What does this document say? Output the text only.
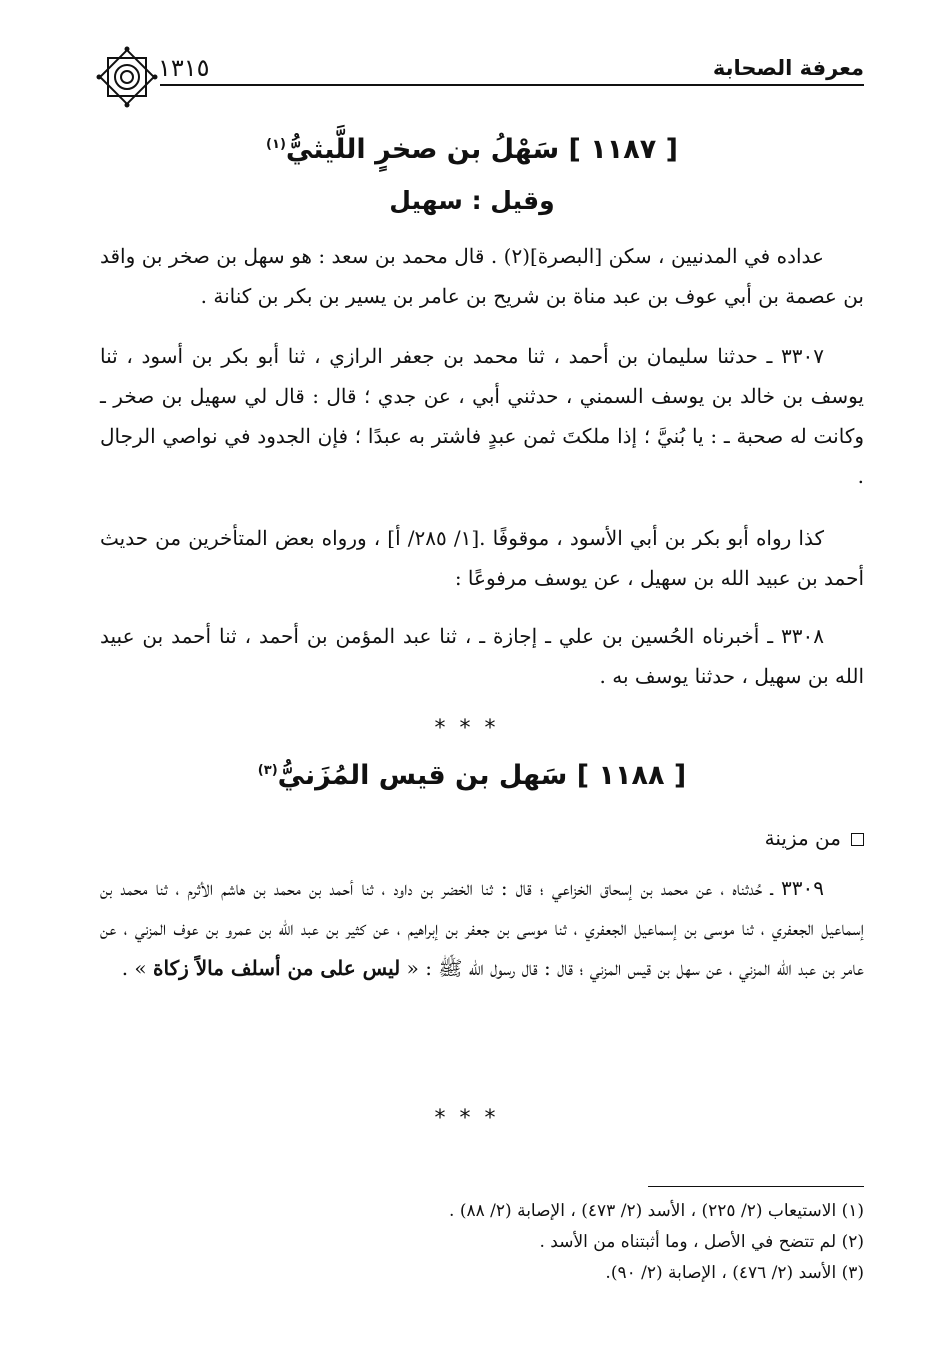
معرفة الصحابة
١٣١٥
[ ١١٨٧ ] سَهْلُ بن صخرٍ اللَّيثيُّ$^{(١)}$
وقيل : سهيل

عداده في المدنيين ، سكن [البصرة](٢) . قال محمد بن سعد : هو سهل بن صخر بن واقد بن عصمة بن أبي عوف بن عبد مناة بن شريح بن عامر بن يسير بن بكر بن كنانة .

٣٣٠٧ ـ حدثنا سليمان بن أحمد ، ثنا محمد بن جعفر الرازي ، ثنا أبو بكر بن أسود ، ثنا يوسف بن خالد بن يوسف السمني ، حدثني أبي ، عن جدي ؛ قال : قال لي سهيل بن صخر ـ وكانت له صحبة ـ : يا بُنيَّ ؛ إذا ملكتَ ثمن عبدٍ فاشتر به عبدًا ؛ فإن الجدود في نواصي الرجال .

كذا رواه أبو بكر بن أبي الأسود ، موقوفًا .[١/ ٢٨٥/ أ] ، ورواه بعض المتأخرين من حديث أحمد بن عبيد الله بن سهيل ، عن يوسف مرفوعًا :

٣٣٠٨ ـ أخبرناه الحُسين بن علي ـ إجازة ـ ، ثنا عبد المؤمن بن أحمد ، ثنا أحمد بن عبيد الله بن سهيل ، حدثنا يوسف به .

***
[ ١١٨٨ ] سَهل بن قيس المُزَنيُّ$^{(٣)}$

من مزينة

٣٣٠٩ ـ حُدثناه ، عن محمد بن إسحاق الخزاعي ؛ قال : ثنا الخضر بن داود ، ثنا أحمد بن محمد بن هاشم الأثرم ، ثنا محمد بن إسماعيل الجعفري ، ثنا موسى بن إسماعيل الجعفري ، ثنا موسى بن جعفر بن إبراهيم ، عن كثير بن عبد الله بن عمرو بن عوف المزني ، عن عامر بن عبد الله المزني ، عن سهل بن قيس المزني ؛ قال : قال رسول الله ﷺ : « ليس على من أسلف مالاً زكاة » .

***
(١) الاستيعاب (٢/ ٢٢٥) ، الأسد (٢/ ٤٧٣) ، الإصابة (٢/ ٨٨) .
(٢) لم تتضح في الأصل ، وما أثبتناه من الأسد .
(٣) الأسد (٢/ ٤٧٦) ، الإصابة (٢/ ٩٠).
